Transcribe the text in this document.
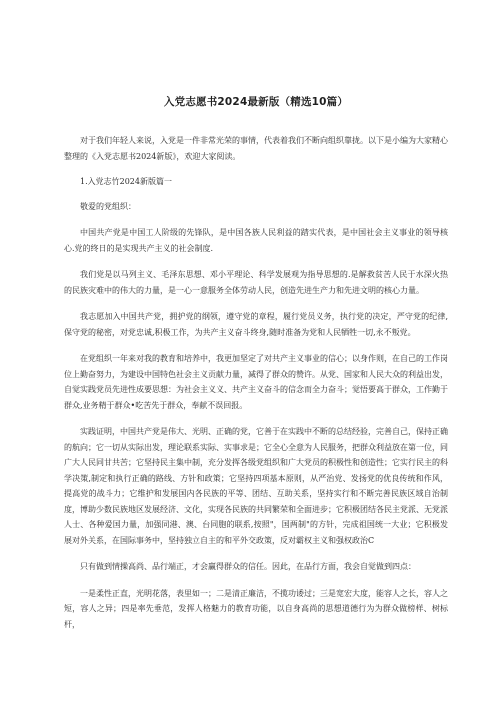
入党志愿书2024最新版（精选10篇）

对于我们年轻人来说，入党是一件非常光荣的事情，代表着我们不断向组织靠拢。以下是小编为大家精心整理的《入党志愿书2024新版》，欢迎大家阅读。

1.入党志竹2024新版篇一

敬爱的党组织：

中国共产党是中国工人阶级的先锋队，是中国各族人民利益的踏实代表，是中国社会主义事业的领导核心.党的终日的是实现共产主义的社会制度.

我们党是以马列主义、毛泽东思想、邓小平理论、科学发展观为指导思想的.是解救贫苦人民于水深火热的民族灾难中的伟大的力量，是一心一意服务全体劳动人民，创造先进生产力和先进文明的核心力量。

我志愿加入中国共产党，拥护党的纲领，遵守党的章程，履行党员义务，执行党的决定，严守党的纪律,保守党的秘密，对党忠诚,积极工作，为共产主义奋斗终身,随时准备为党和人民牺牲一切,永不叛党。

在党组织一年来对我的教育和培养中，我更加坚定了对共产主义事业的信心；以身作则，在自己的工作岗位上勤奋努力，为建设中国特色社会主义贡献力量，减得了群众的赞许。从党、国家和人民大众的利益出发，自觉实践党员先进性成要思想：为社会主义义、共产主义奋斗的信念而全力奋斗；觉悟要高于群众，工作勤于群众,业务精于群众•吃苦先于群众，奉献不误回报。

实践证明，中国共产党是伟大、光明、正确的党，它善于在实践中不断的总结经验，完善自己，保持正确的航向；它一切从实际出发，理论联系实际、实事求是；它全心全意为人民服务，把群众利益放在第一位，同广大人民同甘共苦；它坚持民主集中制，充分发挥各级党组织和广大党员的积极性和创造性；它实行民主的科学决策,制定和执行正确的路线、方针和政策；它坚持四项基本原则，从严治党、发扬党的优良传统和作风，提高党的战斗力；它维护和发展国内各民族的平等、团结、互助关系，坚持实行和不断完善民族区域自治制度，博助少数民族地区发展经济、文化，实现各民族的共同繁荣和全面进步；它积极团结各民主党派、无党派人士、各种爱国力量，加强同港、澳、台同胞的联系,按照"，国两制"的方针，完成祖国统一大业；它积极发展对外关系，在国际事务中，坚持独立自主的和平外交政策，反对霸权主义和强权政治C

只有做到情操高尚、品行端正，才会赢得群众的信任。因此，在品行方面，我会自觉做到四点：

一是柔性正直，光明花落，表里如一；二是清正廉洁，不揽功诿过；三是宽宏大度，能容人之长，容人之短，容人之异；四是率先垂范，发挥人格魅力的教育功能，以自身高尚的思想道德行为为群众做榜样、树标杆，
